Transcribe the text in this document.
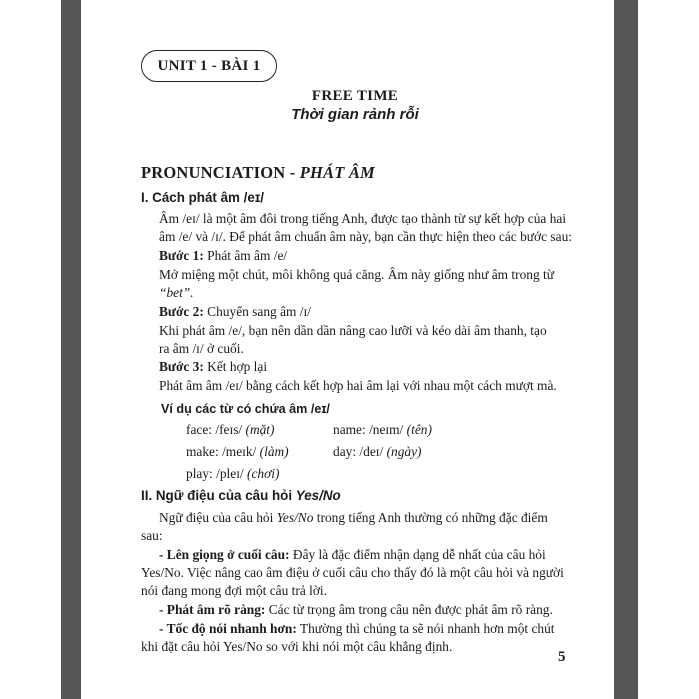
UNIT 1 - BÀI 1
FREE TIME
Thời gian rảnh rỗi
PRONUNCIATION - PHÁT ÂM
I. Cách phát âm /eɪ/
Âm /eɪ/ là một âm đôi trong tiếng Anh, được tạo thành từ sự kết hợp của hai
âm /e/ và /ɪ/. Để phát âm chuẩn âm này, bạn cần thực hiện theo các bước sau:
Bước 1: Phát âm âm /e/
Mở miệng một chút, môi không quá căng. Âm này giống như âm trong từ
“bet”.
Bước 2: Chuyển sang âm /ɪ/
Khi phát âm /e/, bạn nên dần dần nâng cao lưỡi và kéo dài âm thanh, tạo
ra âm /ɪ/ ở cuối.
Bước 3: Kết hợp lại
Phát âm âm /eɪ/ bằng cách kết hợp hai âm lại với nhau một cách mượt mà.
Ví dụ các từ có chứa âm /eɪ/
face: /feɪs/ (mặt)	name: /neɪm/ (tên)
make: /meɪk/ (làm)	day: /deɪ/ (ngày)
play: /pleɪ/ (chơi)
II. Ngữ điệu của câu hỏi Yes/No
Ngữ điệu của câu hỏi Yes/No trong tiếng Anh thường có những đặc điểm
sau:
- Lên giọng ở cuối câu: Đây là đặc điểm nhận dạng dễ nhất của câu hỏi
Yes/No. Việc nâng cao âm điệu ở cuối câu cho thấy đó là một câu hỏi và người
nói đang mong đợi một câu trả lời.
- Phát âm rõ ràng: Các từ trọng âm trong câu nên được phát âm rõ ràng.
- Tốc độ nói nhanh hơn: Thường thì chúng ta sẽ nói nhanh hơn một chút
khi đặt câu hỏi Yes/No so với khi nói một câu khẳng định.
5
